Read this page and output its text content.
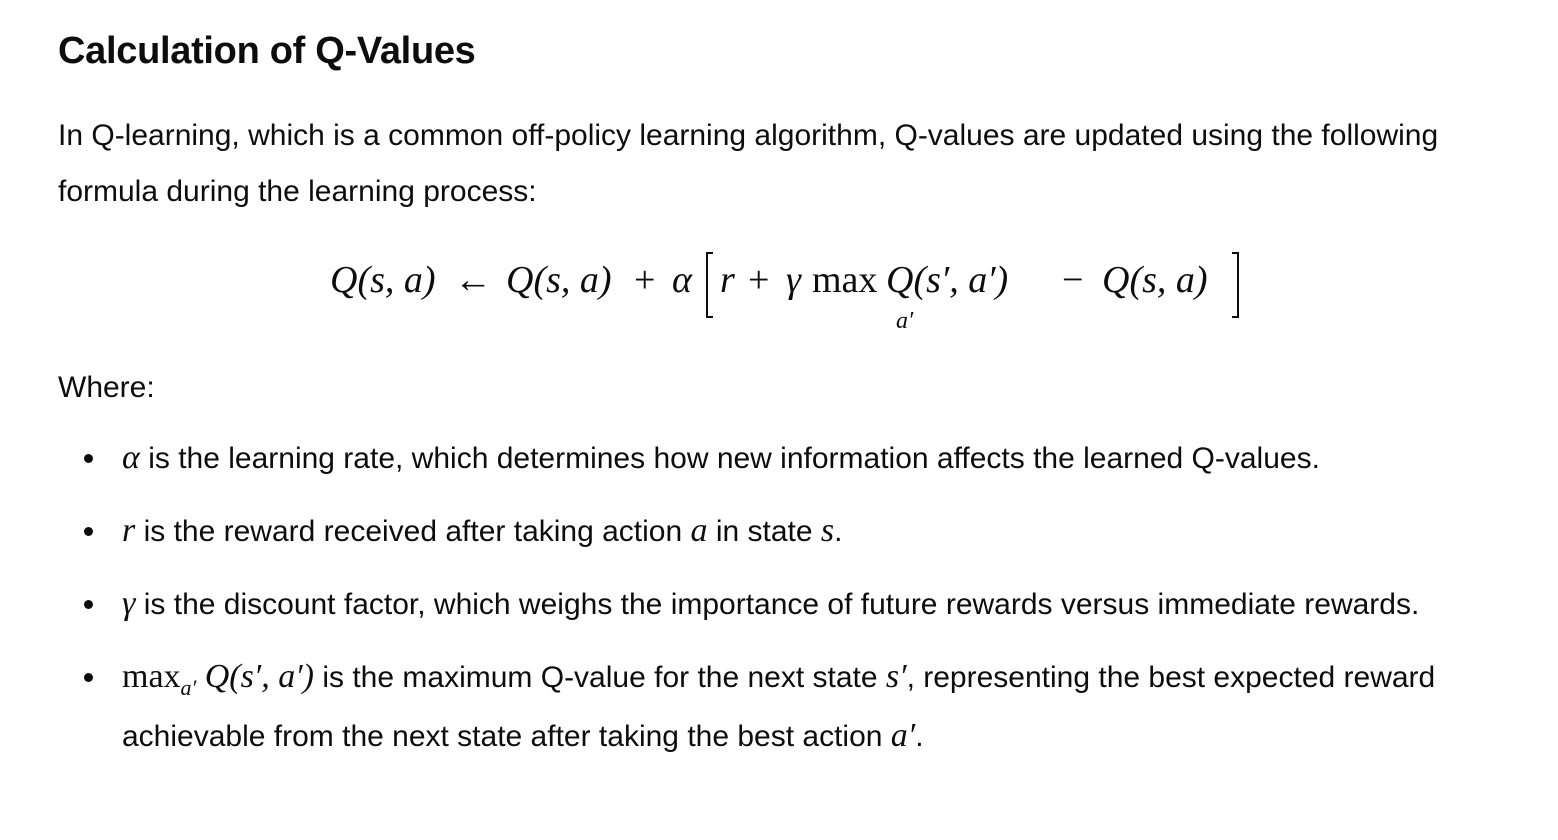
Calculation of Q-Values

In Q-learning, which is a common off-policy learning algorithm, Q-values are updated using the following formula during the learning process:

Q(s, a) ← Q(s, a) + α r + γ max
a′
Q(s′, a′) − Q(s, a)

Where:

α is the learning rate, which determines how new information affects the learned Q-values.
r is the reward received after taking action a in state s.
γ is the discount factor, which weighs the importance of future rewards versus immediate rewards.
$\max_{a'} Q(s'$, a′) is the maximum Q-value for the next state s′, representing the best expected reward achievable from the next state after taking the best action a′.
